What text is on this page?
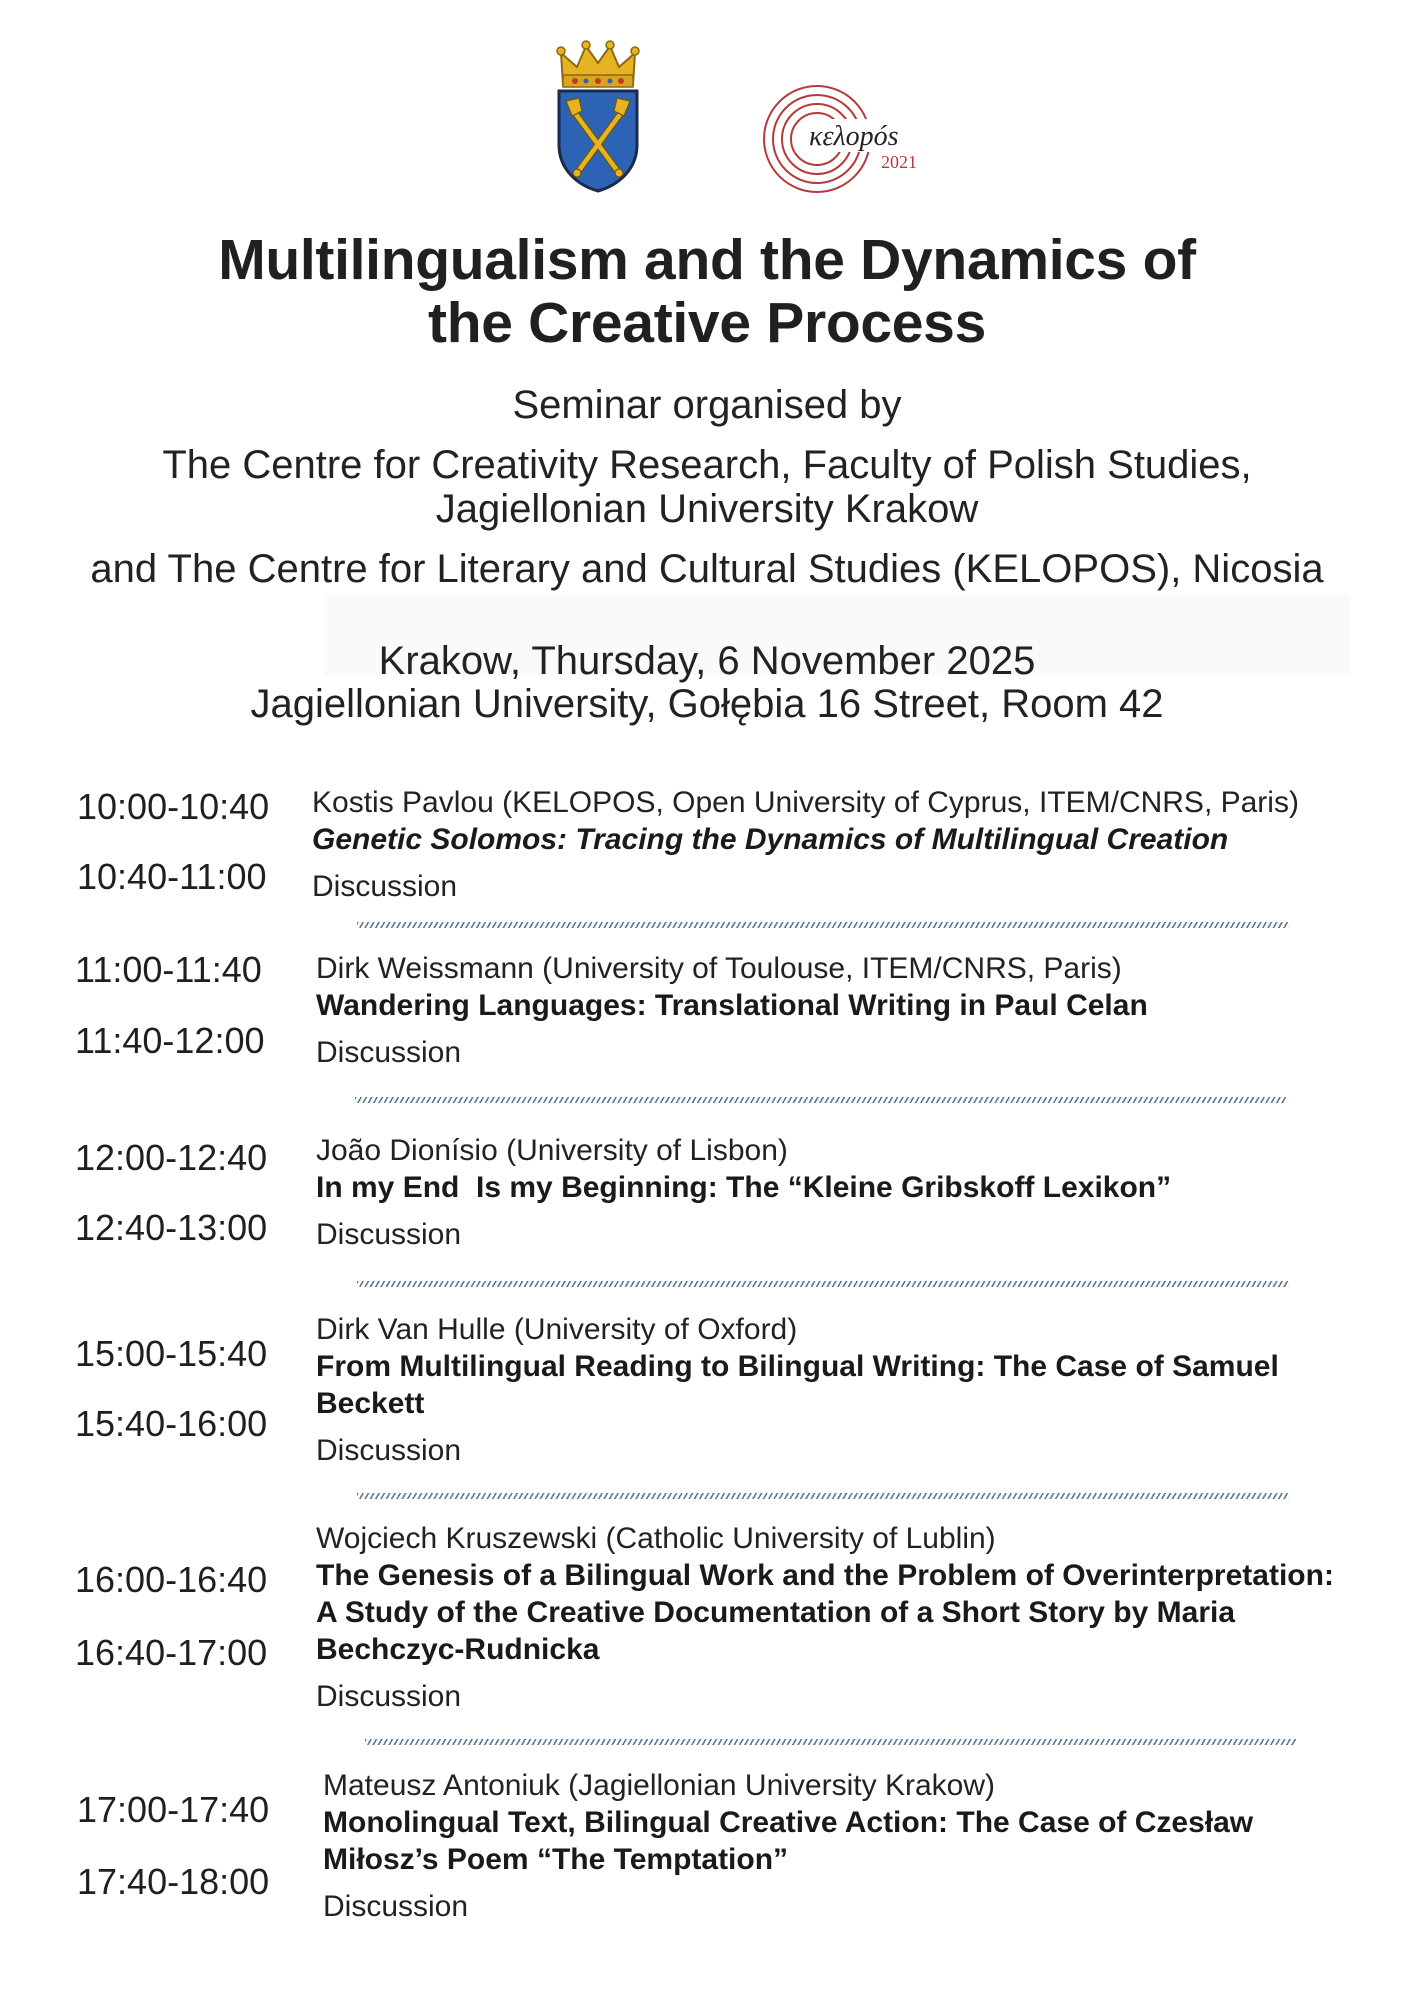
κελopós
2021
Multilingualism and the Dynamics of the Creative Process
Seminar organised by
The Centre for Creativity Research, Faculty of Polish Studies, Jagiellonian University Krakow
and The Centre for Literary and Cultural Studies (KELOPOS), Nicosia
Krakow, Thursday, 6 November 2025
Jagiellonian University, Gołębia 16 Street, Room 42
10:00-10:40
10:40-11:00
Kostis Pavlou (KELOPOS, Open University of Cyprus, ITEM/CNRS, Paris)
Genetic Solomos: Tracing the Dynamics of Multilingual Creation
Discussion
11:00-11:40
11:40-12:00
Dirk Weissmann (University of Toulouse, ITEM/CNRS, Paris)
Wandering Languages: Translational Writing in Paul Celan
Discussion
12:00-12:40
12:40-13:00
João Dionísio (University of Lisbon)
In my End  Is my Beginning: The “Kleine Gribskoff Lexikon”
Discussion
15:00-15:40
15:40-16:00
Dirk Van Hulle (University of Oxford)
From Multilingual Reading to Bilingual Writing: The Case of Samuel Beckett
Discussion
16:00-16:40
16:40-17:00
Wojciech Kruszewski (Catholic University of Lublin)
The Genesis of a Bilingual Work and the Problem of Overinterpretation: A Study of the Creative Documentation of a Short Story by Maria Bechczyc-Rudnicka
Discussion
17:00-17:40
17:40-18:00
Mateusz Antoniuk (Jagiellonian University Krakow)
Monolingual Text, Bilingual Creative Action: The Case of Czesław Miłosz’s Poem “The Temptation”
Discussion
